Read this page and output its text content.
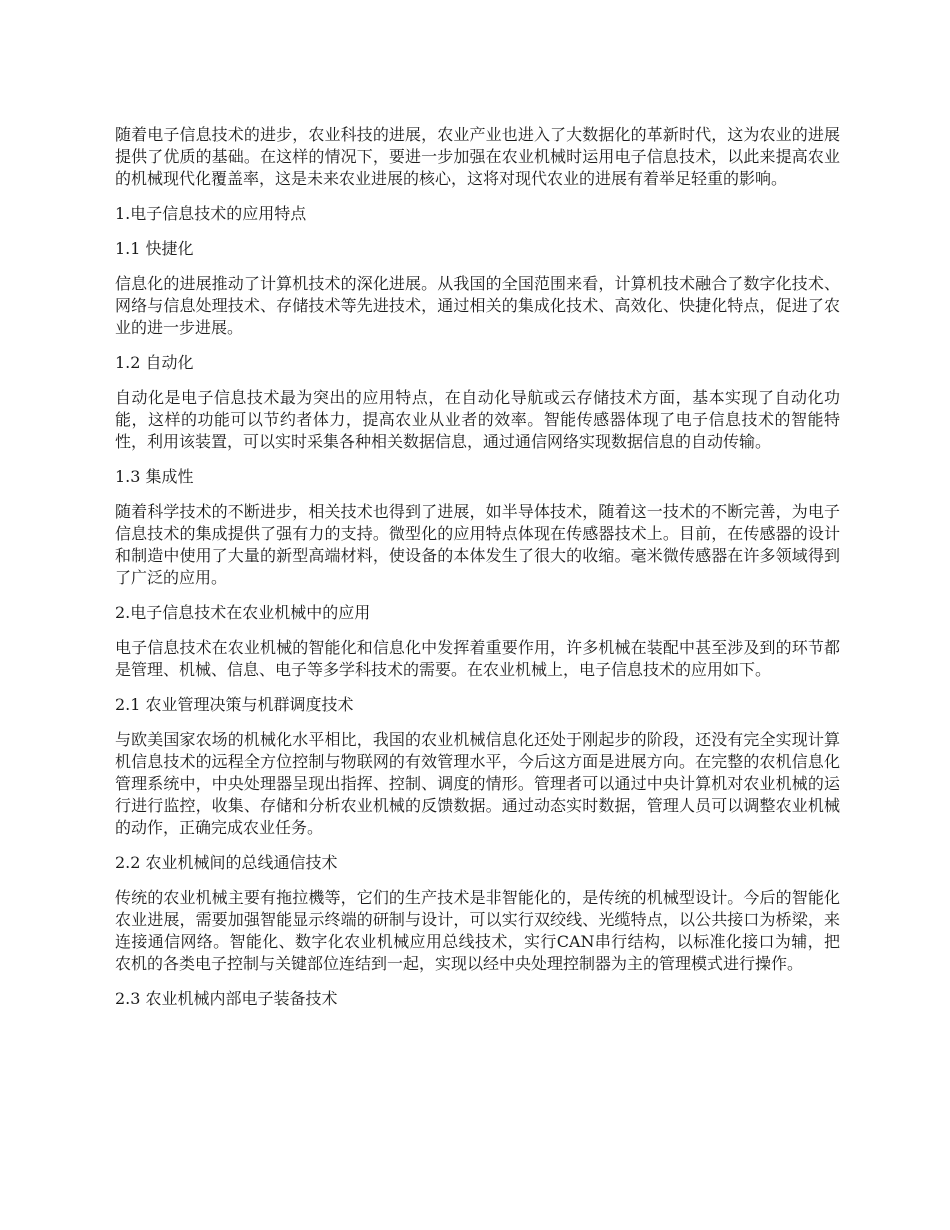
随着电子信息技术的进步，农业科技的进展，农业产业也进入了大数据化的革新时代，这为农业的进展提供了优质的基础。在这样的情况下，要进一步加强在农业机械时运用电子信息技术，以此来提高农业的机械现代化覆盖率，这是未来农业进展的核心，这将对现代农业的进展有着举足轻重的影响。

1.电子信息技术的应用特点

1.1 快捷化

信息化的进展推动了计算机技术的深化进展。从我国的全国范围来看，计算机技术融合了数字化技术、网络与信息处理技术、存储技术等先进技术，通过相关的集成化技术、高效化、快捷化特点，促进了农业的进一步进展。

1.2 自动化

自动化是电子信息技术最为突出的应用特点，在自动化导航或云存储技术方面，基本实现了自动化功能，这样的功能可以节约者体力，提高农业从业者的效率。智能传感器体现了电子信息技术的智能特性，利用该装置，可以实时采集各种相关数据信息，通过通信网络实现数据信息的自动传输。

1.3 集成性

随着科学技术的不断进步，相关技术也得到了进展，如半导体技术，随着这一技术的不断完善，为电子信息技术的集成提供了强有力的支持。微型化的应用特点体现在传感器技术上。目前，在传感器的设计和制造中使用了大量的新型高端材料，使设备的本体发生了很大的收缩。毫米微传感器在许多领域得到了广泛的应用。

2.电子信息技术在农业机械中的应用

电子信息技术在农业机械的智能化和信息化中发挥着重要作用，许多机械在装配中甚至涉及到的环节都是管理、机械、信息、电子等多学科技术的需要。在农业机械上，电子信息技术的应用如下。

2.1 农业管理决策与机群调度技术

与欧美国家农场的机械化水平相比，我国的农业机械信息化还处于刚起步的阶段，还没有完全实现计算机信息技术的远程全方位控制与物联网的有效管理水平，今后这方面是进展方向。在完整的农机信息化管理系统中，中央处理器呈现出指挥、控制、调度的情形。管理者可以通过中央计算机对农业机械的运行进行监控，收集、存储和分析农业机械的反馈数据。通过动态实时数据，管理人员可以调整农业机械的动作，正确完成农业任务。

2.2 农业机械间的总线通信技术

传统的农业机械主要有拖拉機等，它们的生产技术是非智能化的，是传统的机械型设计。今后的智能化农业进展，需要加强智能显示终端的研制与设计，可以实行双绞线、光缆特点，以公共接口为桥梁，来连接通信网络。智能化、数字化农业机械应用总线技术，实行CAN串行结构，以标准化接口为辅，把农机的各类电子控制与关键部位连结到一起，实现以经中央处理控制器为主的管理模式进行操作。

2.3 农业机械内部电子装备技术
